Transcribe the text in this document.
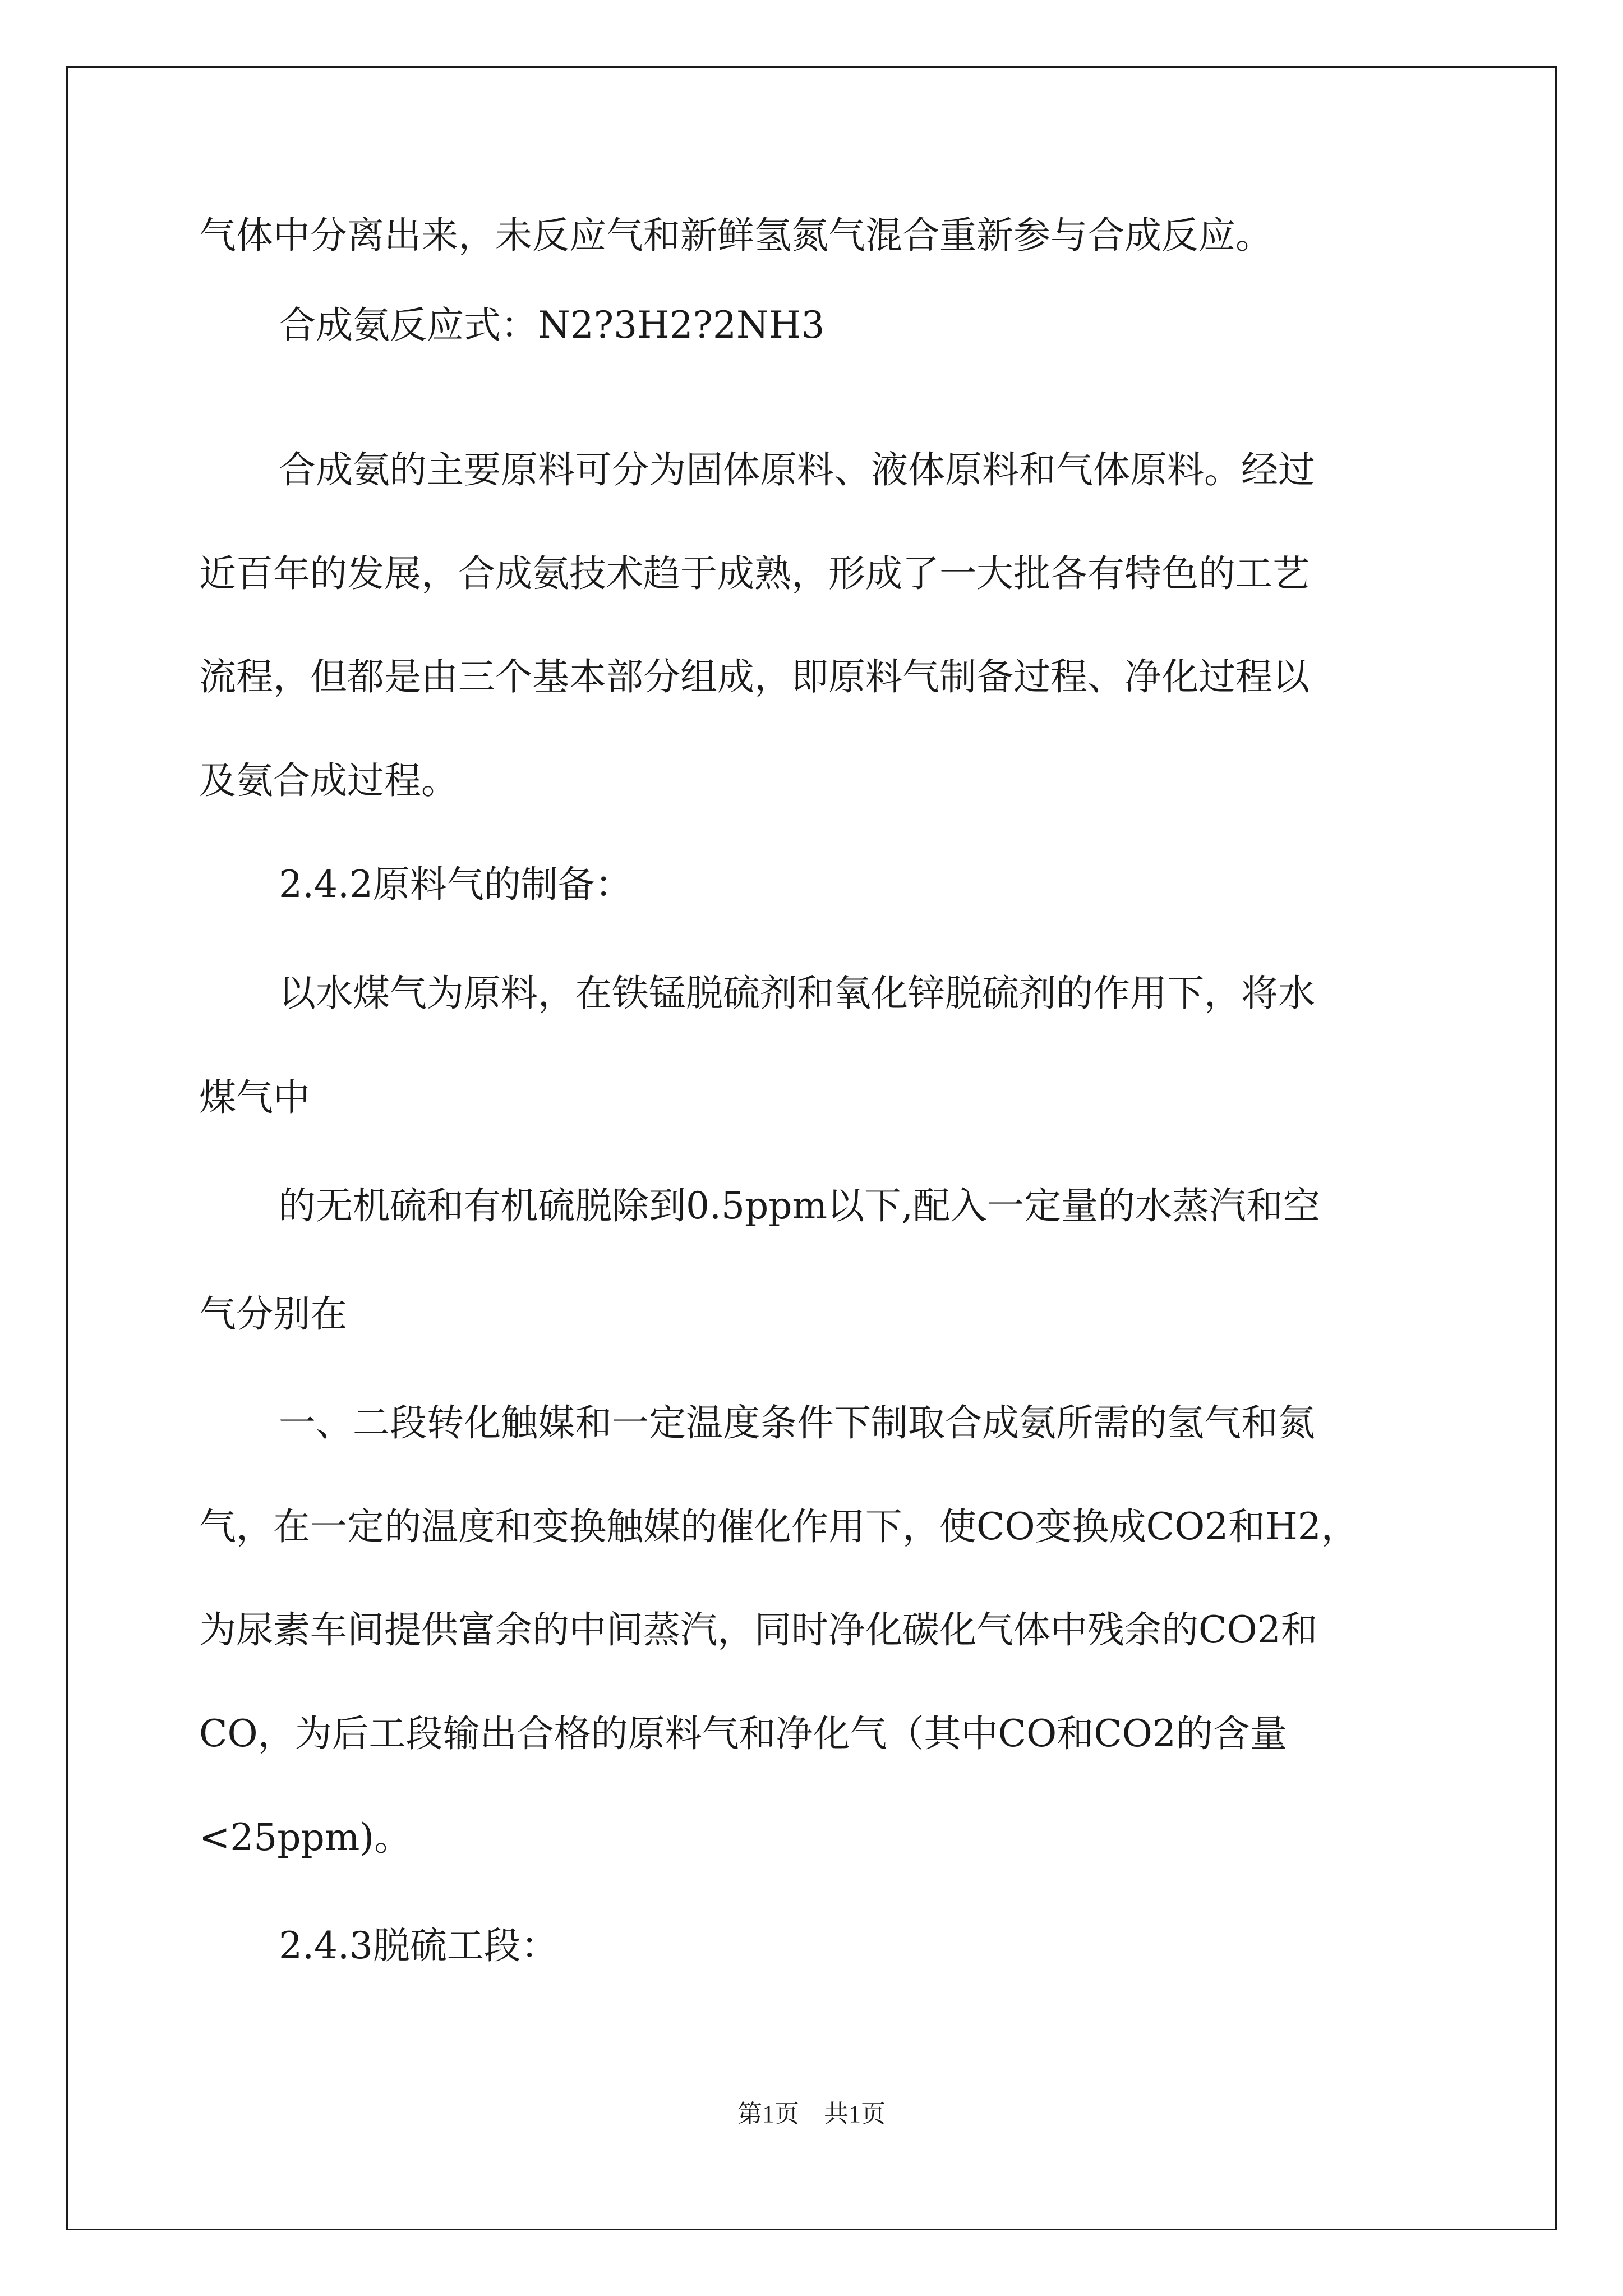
气体中分离出来，未反应气和新鲜氢氮气混合重新参与合成反应。

合成氨反应式：N2?3H2?2NH3

合成氨的主要原料可分为固体原料、液体原料和气体原料。经过

近百年的发展，合成氨技术趋于成熟，形成了一大批各有特色的工艺

流程，但都是由三个基本部分组成，即原料气制备过程、净化过程以

及氨合成过程。

2.4.2原料气的制备：

以水煤气为原料，在铁锰脱硫剂和氧化锌脱硫剂的作用下，将水

煤气中

的无机硫和有机硫脱除到0.5ppm以下,配入一定量的水蒸汽和空

气分别在

一、二段转化触媒和一定温度条件下制取合成氨所需的氢气和氮

气，在一定的温度和变换触媒的催化作用下，使CO变换成CO2和H2，

为尿素车间提供富余的中间蒸汽，同时净化碳化气体中残余的CO2和

CO，为后工段输出合格的原料气和净化气（其中CO和CO2的含量

<25ppm)。

2.4.3脱硫工段：

第1页　共1页
